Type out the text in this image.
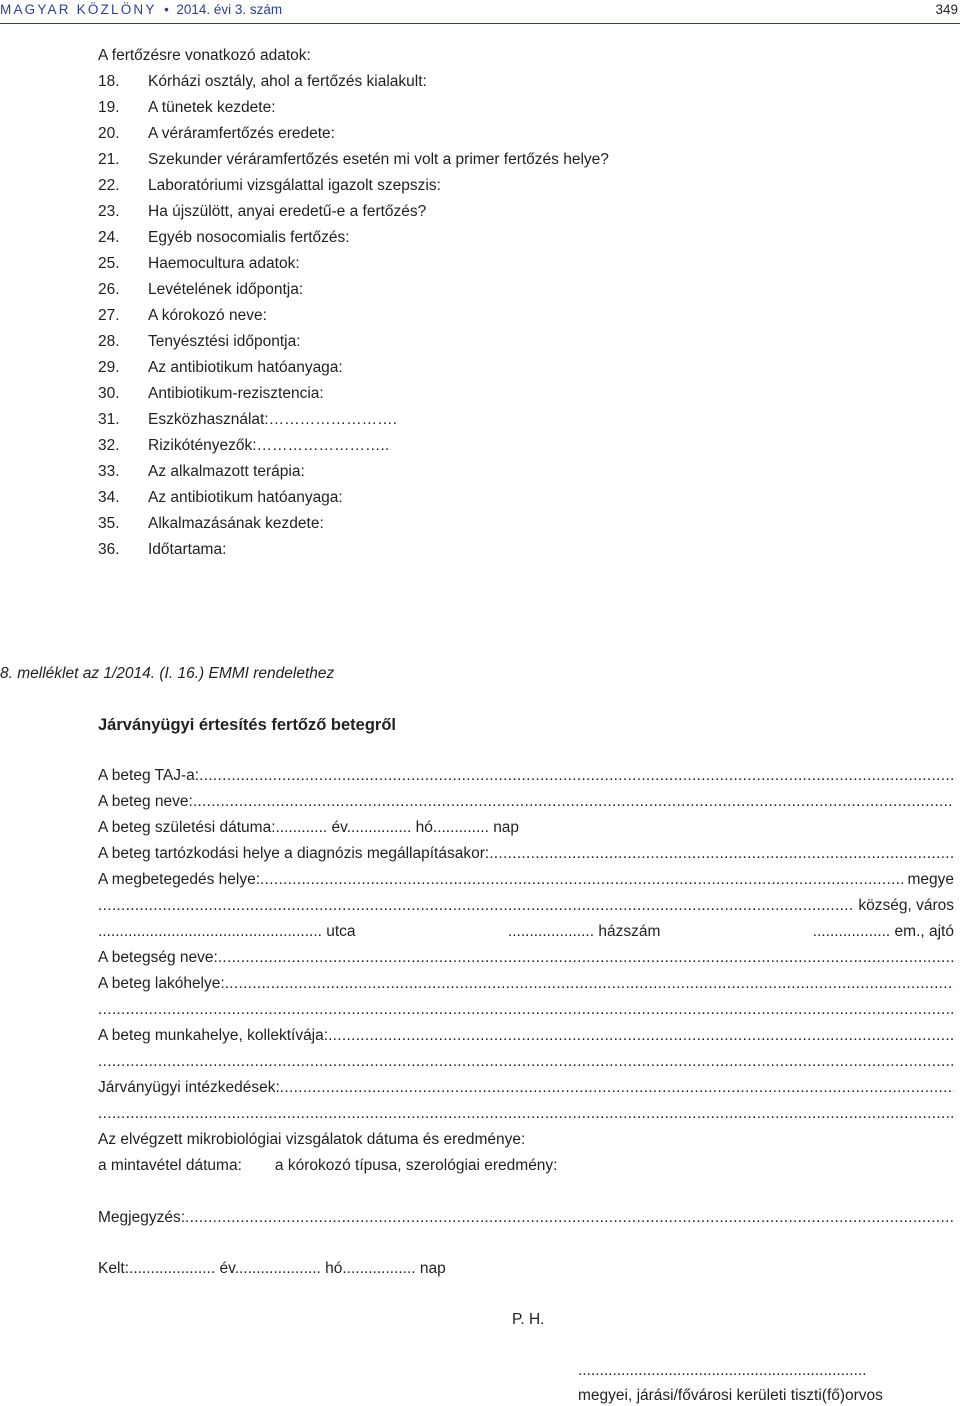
MAGYAR KÖZLÖNY • 2014. évi 3. szám	349
A fertőzésre vonatkozó adatok:
18. Kórházi osztály, ahol a fertőzés kialakult:
19. A tünetek kezdete:
20. A véráramfertőzés eredete:
21. Szekunder véráramfertőzés esetén mi volt a primer fertőzés helye?
22. Laboratóriumi vizsgálattal igazolt szepszis:
23. Ha újszülött, anyai eredetű-e a fertőzés?
24. Egyéb nosocomialis fertőzés:
25. Haemocultura adatok:
26. Levételének időpontja:
27. A kórokozó neve:
28. Tenyésztési időpontja:
29. Az antibiotikum hatóanyaga:
30. Antibiotikum-rezisztencia:
31. Eszközhasználat:…………………….
32. Rizikótényezők:……………………..
33. Az alkalmazott terápia:
34. Az antibiotikum hatóanyaga:
35. Alkalmazásának kezdete:
36. Időtartama:
8. melléklet az 1/2014. (I. 16.) EMMI rendelethez
Járványügyi értesítés fertőző betegről
A beteg TAJ-a:
.....
A beteg neve:
.....
A beteg születési dátuma:............ év............... hó............. nap
A beteg tartózkodási helye a diagnózis megállapításakor:
.....
A megbetegedés helye:
.....	megye
.....
község, város
.................................................... utca	.................... házszám	.................. em., ajtó
A betegség neve:
.....
A beteg lakóhelye:
.....
.....
A beteg munkahelye, kollektívája:
.....
.....
Járványügyi intézkedések:
.....
.....
Az elvégzett mikrobiológiai vizsgálatok dátuma és eredménye:
a mintavétel dátuma: a kórokozó típusa, szerológiai eredmény:
Megjegyzés:
.....
Kelt:.................... év.................... hó................. nap
P. H.
...................................................................
megyei, járási/fővárosi kerületi tiszti(fő)orvos
